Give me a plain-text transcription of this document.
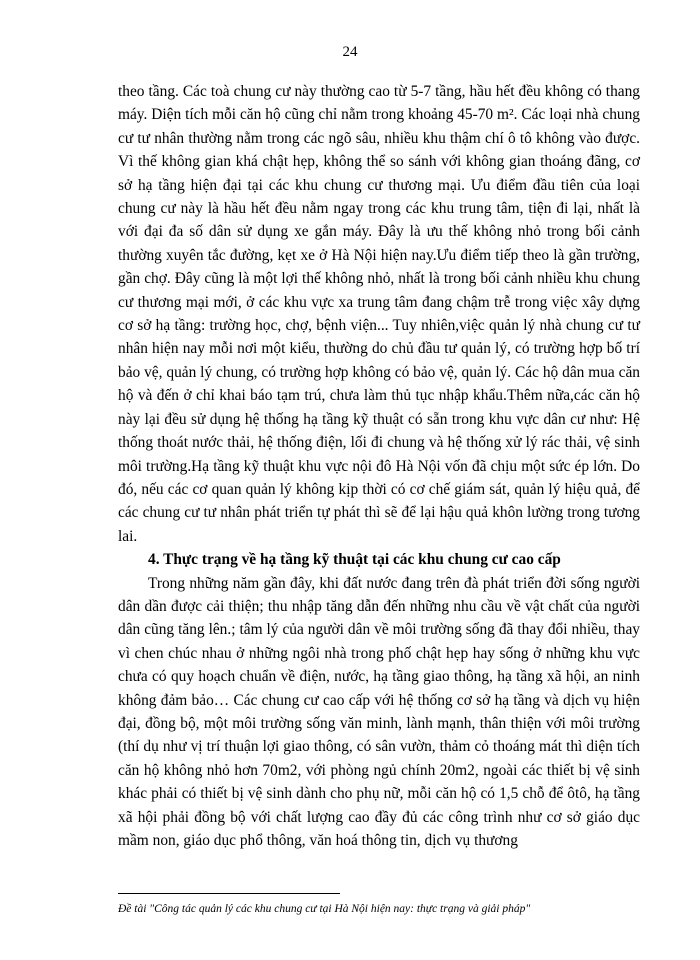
24

theo tầng. Các toà chung cư này thường cao từ 5-7 tầng, hầu hết đều không có thang máy. Diện tích mỗi căn hộ cũng chỉ nằm trong khoảng 45-70 m². Các loại nhà chung cư tư nhân thường nằm trong các ngõ sâu, nhiều khu thậm chí ô tô không vào được. Vì thế không gian khá chật hẹp, không thể so sánh với không gian thoáng đãng, cơ sở hạ tầng hiện đại tại các khu chung cư thương mại. Ưu điểm đầu tiên của loại chung cư này là hầu hết đều nằm ngay trong các khu trung tâm, tiện đi lại, nhất là với đại đa số dân sử dụng xe gắn máy. Đây là ưu thế không nhỏ trong bối cảnh thường xuyên tắc đường, kẹt xe ở Hà Nội hiện nay.Ưu điểm tiếp theo là gần trường, gần chợ. Đây cũng là một lợi thế không nhỏ, nhất là trong bối cảnh nhiều khu chung cư thương mại mới, ở các khu vực xa trung tâm đang chậm trễ trong việc xây dựng cơ sở hạ tầng: trường học, chợ, bệnh viện... Tuy nhiên,việc quản lý nhà chung cư tư nhân hiện nay mỗi nơi một kiểu, thường do chủ đầu tư quản lý, có trường hợp bố trí bảo vệ, quản lý chung, có trường hợp không có bảo vệ, quản lý. Các hộ dân mua căn hộ và đến ở chỉ khai báo tạm trú, chưa làm thủ tục nhập khẩu.Thêm nữa,các căn hộ này lại đều sử dụng hệ thống hạ tầng kỹ thuật có sẵn trong khu vực dân cư như: Hệ thống thoát nước thải, hệ thống điện, lối đi chung và hệ thống xử lý rác thải, vệ sinh môi trường.Hạ tầng kỹ thuật khu vực nội đô Hà Nội vốn đã chịu một sức ép lớn. Do đó, nếu các cơ quan quản lý không kịp thời có cơ chế giám sát, quản lý hiệu quả, để các chung cư tư nhân phát triển tự phát thì sẽ để lại hậu quả khôn lường trong tương lai.

4. Thực trạng về hạ tầng kỹ thuật tại các khu chung cư cao cấp

Trong những năm gần đây, khi đất nước đang trên đà phát triển đời sống người dân dần được cải thiện; thu nhập tăng dẫn đến những nhu cầu về vật chất của người dân cũng tăng lên.; tâm lý của người dân về môi trường sống đã thay đổi nhiều, thay vì chen chúc nhau ở những ngôi nhà trong phố chật hẹp hay sống ở những khu vực chưa có quy hoạch chuẩn về điện, nước, hạ tầng giao thông, hạ tầng xã hội, an ninh không đảm bảo… Các chung cư cao cấp với hệ thống cơ sở hạ tầng và dịch vụ hiện đại, đồng bộ, một môi trường sống văn minh, lành mạnh, thân thiện với môi trường (thí dụ như vị trí thuận lợi giao thông, có sân vườn, thảm cỏ thoáng mát thì diện tích căn hộ không nhỏ hơn 70m2, với phòng ngủ chính 20m2, ngoài các thiết bị vệ sinh khác phải có thiết bị vệ sinh dành cho phụ nữ, mỗi căn hộ có 1,5 chỗ để ôtô, hạ tầng xã hội phải đồng bộ với chất lượng cao đầy đủ các công trình như cơ sở giáo dục mầm non, giáo dục phổ thông, văn hoá thông tin, dịch vụ thương

Đề tài "Công tác quản lý các khu chung cư tại Hà Nội hiện nay: thực trạng và giải pháp"
